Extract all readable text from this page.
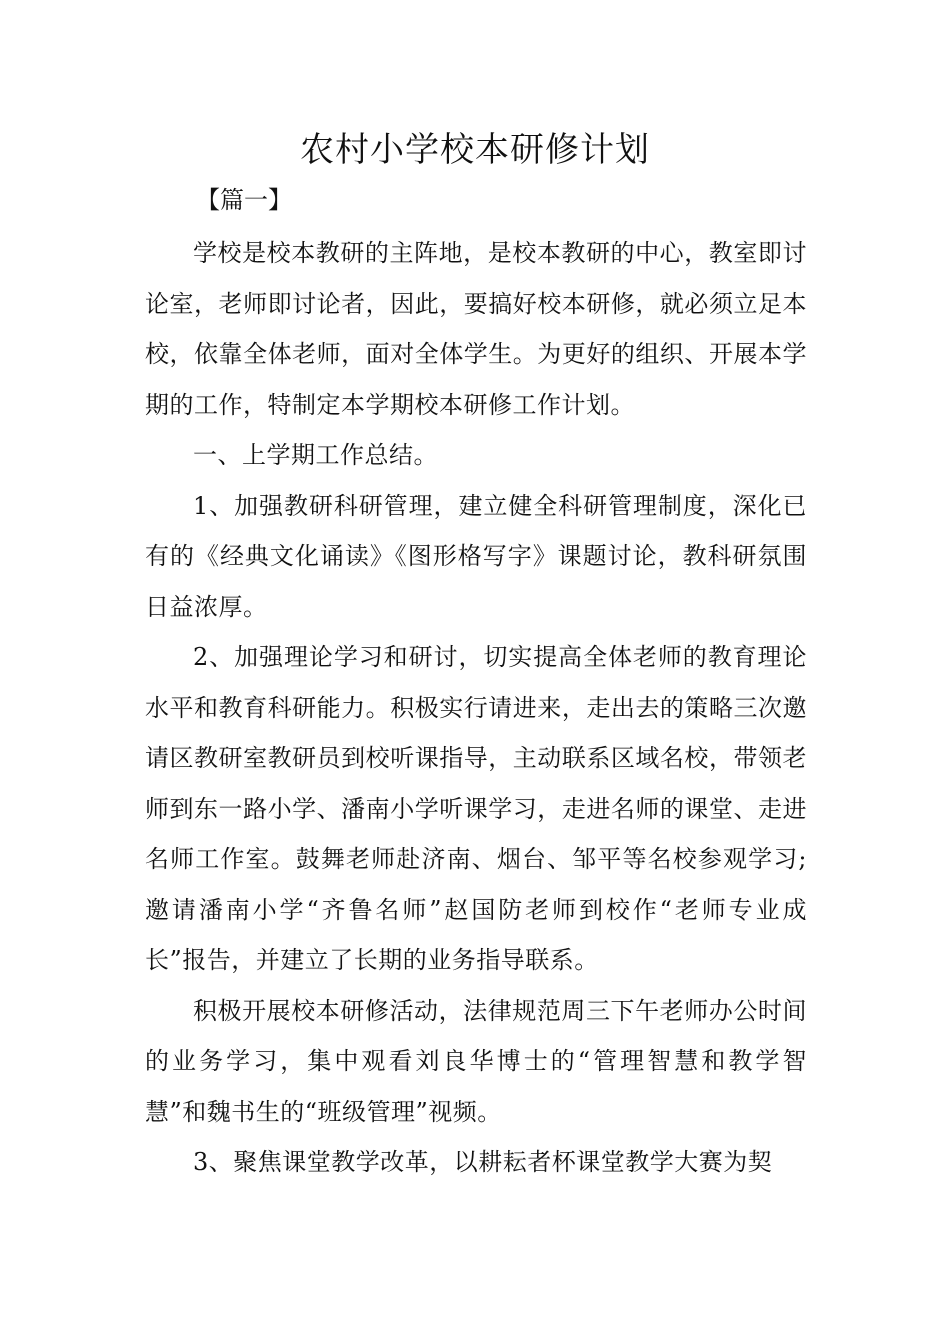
农村小学校本研修计划

【篇一】

学校是校本教研的主阵地，是校本教研的中心，教室即讨论室，老师即讨论者，因此，要搞好校本研修，就必须立足本校，依靠全体老师，面对全体学生。为更好的组织、开展本学期的工作，特制定本学期校本研修工作计划。

一、上学期工作总结。

1、加强教研科研管理，建立健全科研管理制度，深化已有的《经典文化诵读》《图形格写字》课题讨论，教科研氛围日益浓厚。

2、加强理论学习和研讨，切实提高全体老师的教育理论水平和教育科研能力。积极实行请进来，走出去的策略三次邀请区教研室教研员到校听课指导，主动联系区域名校，带领老师到东一路小学、潘南小学听课学习，走进名师的课堂、走进名师工作室。鼓舞老师赴济南、烟台、邹平等名校参观学习;邀请潘南小学“齐鲁名师”赵国防老师到校作“老师专业成长”报告，并建立了长期的业务指导联系。

积极开展校本研修活动，法律规范周三下午老师办公时间的业务学习，集中观看刘良华博士的“管理智慧和教学智慧”和魏书生的“班级管理”视频。

3、聚焦课堂教学改革，以耕耘者杯课堂教学大赛为契
